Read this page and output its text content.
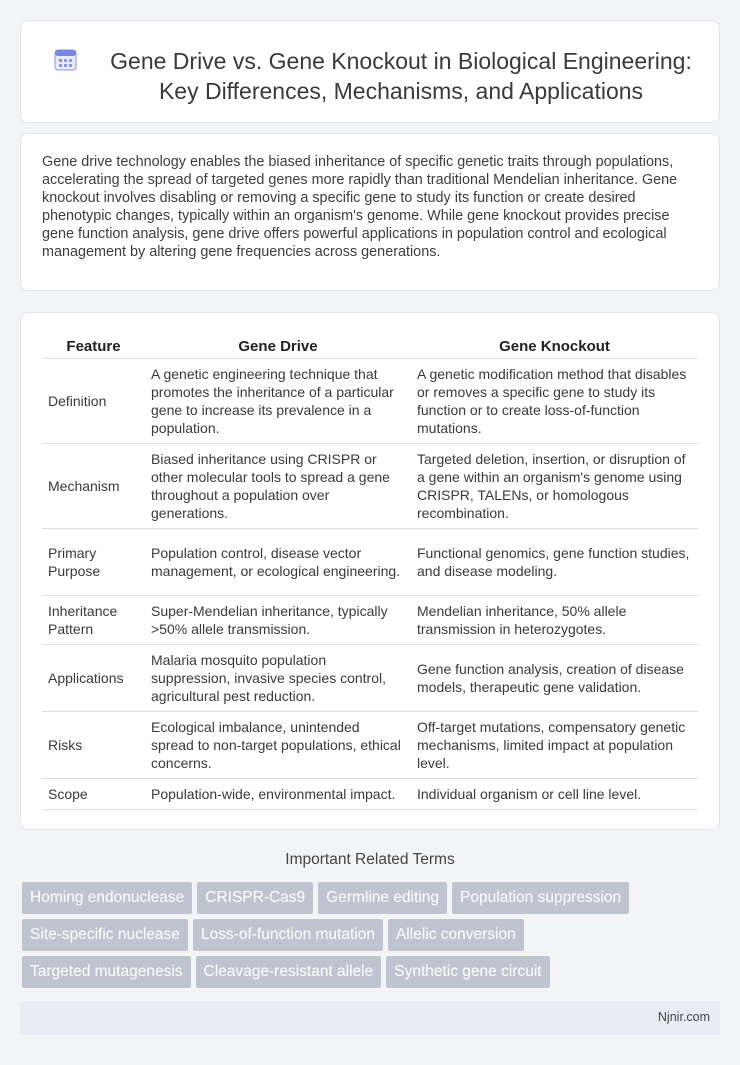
Gene Drive vs. Gene Knockout in Biological Engineering: Key Differences, Mechanisms, and Applications

Gene drive technology enables the biased inheritance of specific genetic traits through populations, accelerating the spread of targeted genes more rapidly than traditional Mendelian inheritance. Gene knockout involves disabling or removing a specific gene to study its function or create desired phenotypic changes, typically within an organism's genome. While gene knockout provides precise gene function analysis, gene drive offers powerful applications in population control and ecological management by altering gene frequencies across generations.

Feature	Gene Drive	Gene Knockout
Definition	A genetic engineering technique that promotes the inheritance of a particular gene to increase its prevalence in a population.	A genetic modification method that disables or removes a specific gene to study its function or to create loss-of-function mutations.
Mechanism	Biased inheritance using CRISPR or other molecular tools to spread a gene throughout a population over generations.	Targeted deletion, insertion, or disruption of a gene within an organism's genome using CRISPR, TALENs, or homologous recombination.
Primary Purpose	Population control, disease vector management, or ecological engineering.	Functional genomics, gene function studies, and disease modeling.
Inheritance Pattern	Super-Mendelian inheritance, typically >50% allele transmission.	Mendelian inheritance, 50% allele transmission in heterozygotes.
Applications	Malaria mosquito population suppression, invasive species control, agricultural pest reduction.	Gene function analysis, creation of disease models, therapeutic gene validation.
Risks	Ecological imbalance, unintended spread to non-target populations, ethical concerns.	Off-target mutations, compensatory genetic mechanisms, limited impact at population level.
Scope	Population-wide, environmental impact.	Individual organism or cell line level.
Important Related Terms
Homing endonuclease	CRISPR-Cas9	Germline editing	Population suppression
Site-specific nuclease	Loss-of-function mutation	Allelic conversion
Targeted mutagenesis	Cleavage-resistant allele	Synthetic gene circuit
Njnir.com
